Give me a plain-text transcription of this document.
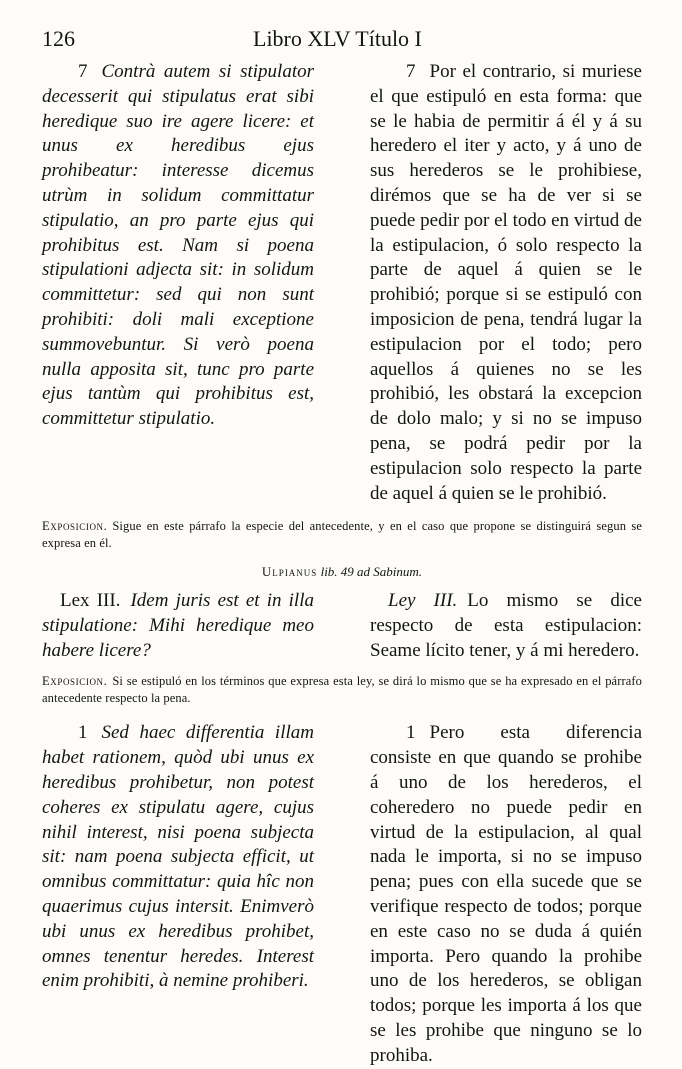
126	Libro XLV Título I

7 Contrà autem si stipulator decesserit qui stipulatus erat sibi heredique suo ire agere licere: et unus ex heredibus ejus prohibeatur: interesse dicemus utrùm in solidum committatur stipulatio, an pro parte ejus qui prohibitus est. Nam si poena stipulationi adjecta sit: in solidum committetur: sed qui non sunt prohibiti: doli mali exceptione summovebuntur. Si verò poena nulla apposita sit, tunc pro parte ejus tantùm qui prohibitus est, committetur stipulatio.

7 Por el contrario, si muriese el que estipuló en esta forma: que se le habia de permitir á él y á su heredero el iter y acto, y á uno de sus herederos se le prohibiese, dirémos que se ha de ver si se puede pedir por el todo en virtud de la estipulacion, ó solo respecto la parte de aquel á quien se le prohibió; porque si se estipuló con imposicion de pena, tendrá lugar la estipulacion por el todo; pero aquellos á quienes no se les prohibió, les obstará la excepcion de dolo malo; y si no se impuso pena, se podrá pedir por la estipulacion solo respecto la parte de aquel á quien se le prohibió.

Exposicion. Sigue en este párrafo la especie del antecedente, y en el caso que propone se distinguirá segun se expresa en él.

Ulpianus lib. 49 ad Sabinum.

Lex III. Idem juris est et in illa stipulatione: Mihi heredique meo habere licere?

Ley III. Lo mismo se dice respecto de esta estipulacion: Seame lícito tener, y á mi heredero.

Exposicion. Si se estipuló en los términos que expresa esta ley, se dirá lo mismo que se ha expresado en el párrafo antecedente respecto la pena.

1 Sed haec differentia illam habet rationem, quòd ubi unus ex heredibus prohibetur, non potest coheres ex stipulatu agere, cujus nihil interest, nisi poena subjecta sit: nam poena subjecta efficit, ut omnibus committatur: quia hîc non quaerimus cujus intersit. Enimverò ubi unus ex heredibus prohibet, omnes tenentur heredes. Interest enim prohibiti, à nemine prohiberi.

1 Pero esta diferencia consiste en que quando se prohibe á uno de los herederos, el coheredero no puede pedir en virtud de la estipulacion, al qual nada le importa, si no se impuso pena; pues con ella sucede que se verifique respecto de todos; porque en este caso no se duda á quién importa. Pero quando la prohibe uno de los herederos, se obligan todos; porque les importa á los que se les prohibe que ninguno se lo prohiba.
